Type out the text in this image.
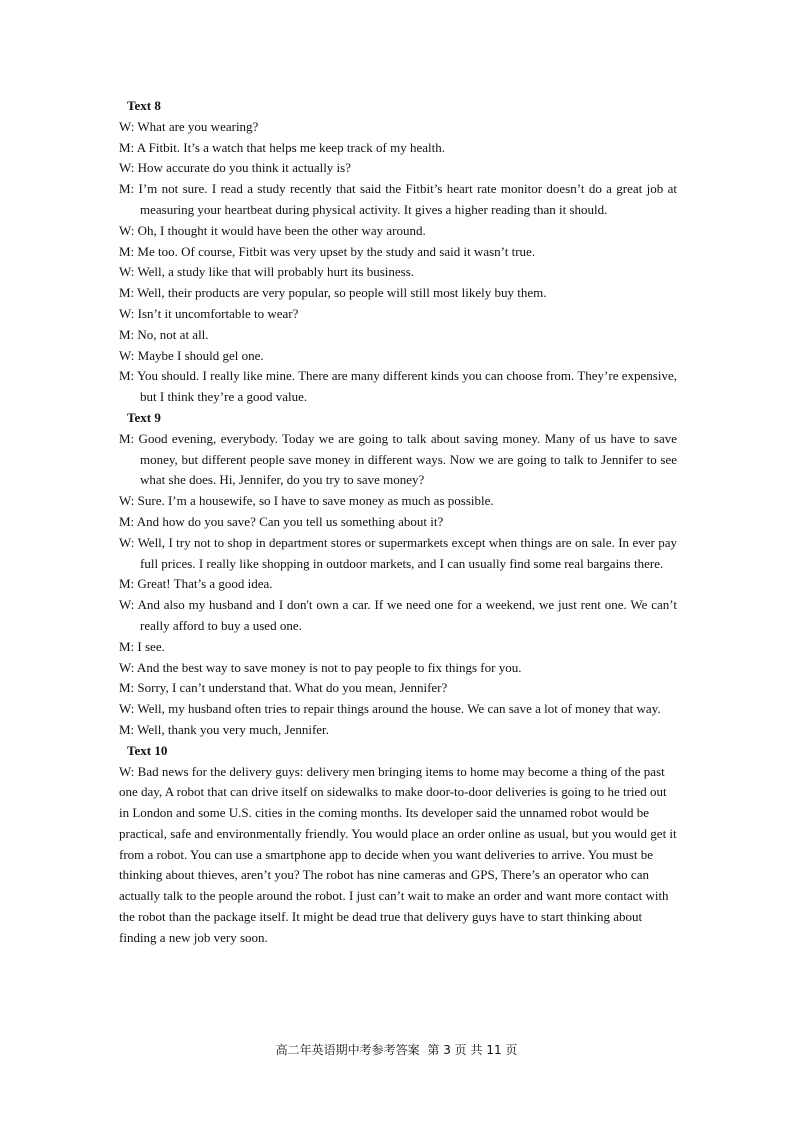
Text 8

W: What are you wearing?

M: A Fitbit. It’s a watch that helps me keep track of my health.

W: How accurate do you think it actually is?

M: I’m not sure. I read a study recently that said the Fitbit’s heart rate monitor doesn’t do a great job at measuring your heartbeat during physical activity. It gives a higher reading than it should.

W: Oh, I thought it would have been the other way around.

M: Me too. Of course, Fitbit was very upset by the study and said it wasn’t true.

W: Well, a study like that will probably hurt its business.

M: Well, their products are very popular, so people will still most likely buy them.

W: Isn’t it uncomfortable to wear?

M: No, not at all.

W: Maybe I should gel one.

M: You should. I really like mine. There are many different kinds you can choose from. They’re expensive, but I think they’re a good value.

Text 9

M: Good evening, everybody. Today we are going to talk about saving money. Many of us have to save money, but different people save money in different ways. Now we are going to talk to Jennifer to see what she does. Hi, Jennifer, do you try to save money?

W: Sure. I’m a housewife, so I have to save money as much as possible.

M: And how do you save? Can you tell us something about it?

W: Well, I try not to shop in department stores or supermarkets except when things are on sale. In ever pay full prices. I really like shopping in outdoor markets, and I can usually find some real bargains there.

M: Great! That’s a good idea.

W: And also my husband and I don't own a car. If we need one for a weekend, we just rent one. We can’t really afford to buy a used one.

M: I see.

W: And the best way to save money is not to pay people to fix things for you.

M: Sorry, I can’t understand that. What do you mean, Jennifer?

W: Well, my husband often tries to repair things around the house. We can save a lot of money that way.

M: Well, thank you very much, Jennifer.

Text 10

W: Bad news for the delivery guys: delivery men bringing items to home may become a thing of the past one day, A robot that can drive itself on sidewalks to make door-to-door deliveries is going to he tried out in London and some U.S. cities in the coming months. Its developer said the unnamed robot would be practical, safe and environmentally friendly. You would place an order online as usual, but you would get it from a robot. You can use a smartphone app to decide when you want deliveries to arrive. You must be thinking about thieves, aren’t you? The robot has nine cameras and GPS, There’s an operator who can actually talk to the people around the robot. I just can’t wait to make an order and want more contact with the robot than the package itself. It might be dead true that delivery guys have to start thinking about finding a new job very soon.

高二年英语期中考参考答案 第 3 页 共 11 页
